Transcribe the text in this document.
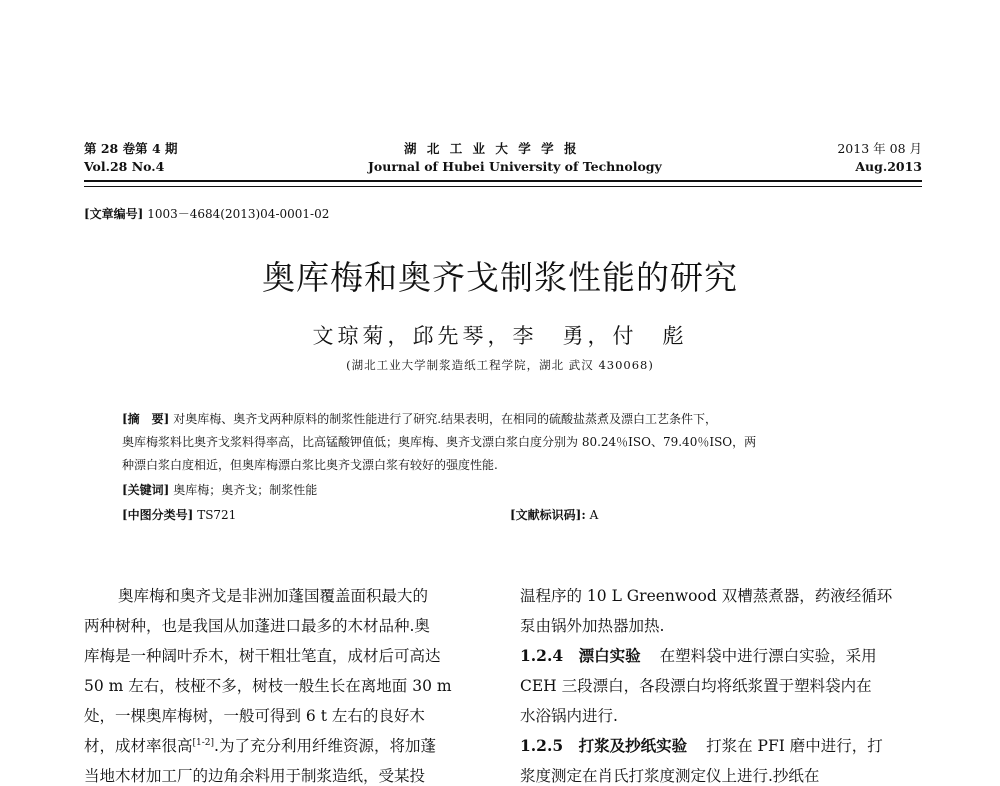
第 28 卷第 4 期
Vol.28 No.4
湖 北 工 业 大 学 学 报
Journal of Hubei University of Technology
2013 年 08 月
Aug.2013
[文章编号] 1003－4684(2013)04-0001-02
奥库梅和奥齐戈制浆性能的研究
文琼菊，邱先琴，李　勇，付　彪
(湖北工业大学制浆造纸工程学院，湖北 武汉 430068)
[摘　要] 对奥库梅、奥齐戈两种原料的制浆性能进行了研究.结果表明，在相同的硫酸盐蒸煮及漂白工艺条件下，
奥库梅浆料比奥齐戈浆料得率高，比高锰酸钾值低；奥库梅、奥齐戈漂白浆白度分别为 80.24％ISO、79.40％ISO，两
种漂白浆白度相近，但奥库梅漂白浆比奥齐戈漂白浆有较好的强度性能.
[关键词] 奥库梅；奥齐戈；制浆性能
[中图分类号] TS721	[文献标识码]: A
奥库梅和奥齐戈是非洲加蓬国覆盖面积最大的
两种树种，也是我国从加蓬进口最多的木材品种.奥
库梅是一种阔叶乔木，树干粗壮笔直，成材后可高达
50 m 左右，枝桠不多，树枝一般生长在离地面 30 m
处，一棵奥库梅树，一般可得到 6 t 左右的良好木
材，成材率很高[1-2].为了充分利用纤维资源，将加蓬
当地木材加工厂的边角余料用于制浆造纸，受某投
温程序的 10 L Greenwood 双槽蒸煮器，药液经循环
泵由锅外加热器加热.
1.2.4　漂白实验 在塑料袋中进行漂白实验，采用
CEH 三段漂白，各段漂白均将纸浆置于塑料袋内在
水浴锅内进行.
1.2.5　打浆及抄纸实验 打浆在 PFI 磨中进行，打
浆度测定在肖氏打浆度测定仪上进行.抄纸在
